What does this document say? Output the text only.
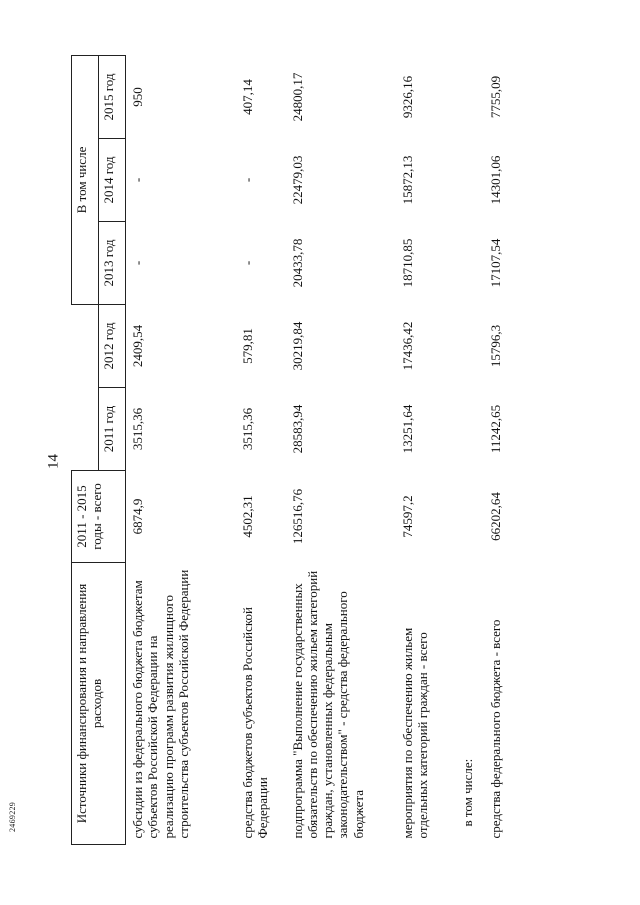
14
2469229	Источники финансирования и направления расходов	2011 - 2015 годы - всего			В том числе		
		2011 год	2012 год	2013 год	2014 год	2015 год
субсидии из федерального бюджета бюджетам субъектов Российской Федерации на реализацию программ развития жилищного строительства субъектов Российской Федерации	6874,9	3515,36	2409,54	-	-	950
средства бюджетов субъектов Российской Федерации	4502,31	3515,36	579,81	-	-	407,14
подпрограмма "Выполнение государственных обязательств по обеспечению жильем категорий граждан, установленных федеральным законодательством" - средства федерального бюджета	126516,76	28583,94	30219,84	20433,78	22479,03	24800,17
мероприятия по обеспечению жильем отдельных категорий граждан - всего	74597,2	13251,64	17436,42	18710,85	15872,13	9326,16
в том числе:						
средства федерального бюджета - всего	66202,64	11242,65	15796,3	17107,54	14301,06	7755,09
